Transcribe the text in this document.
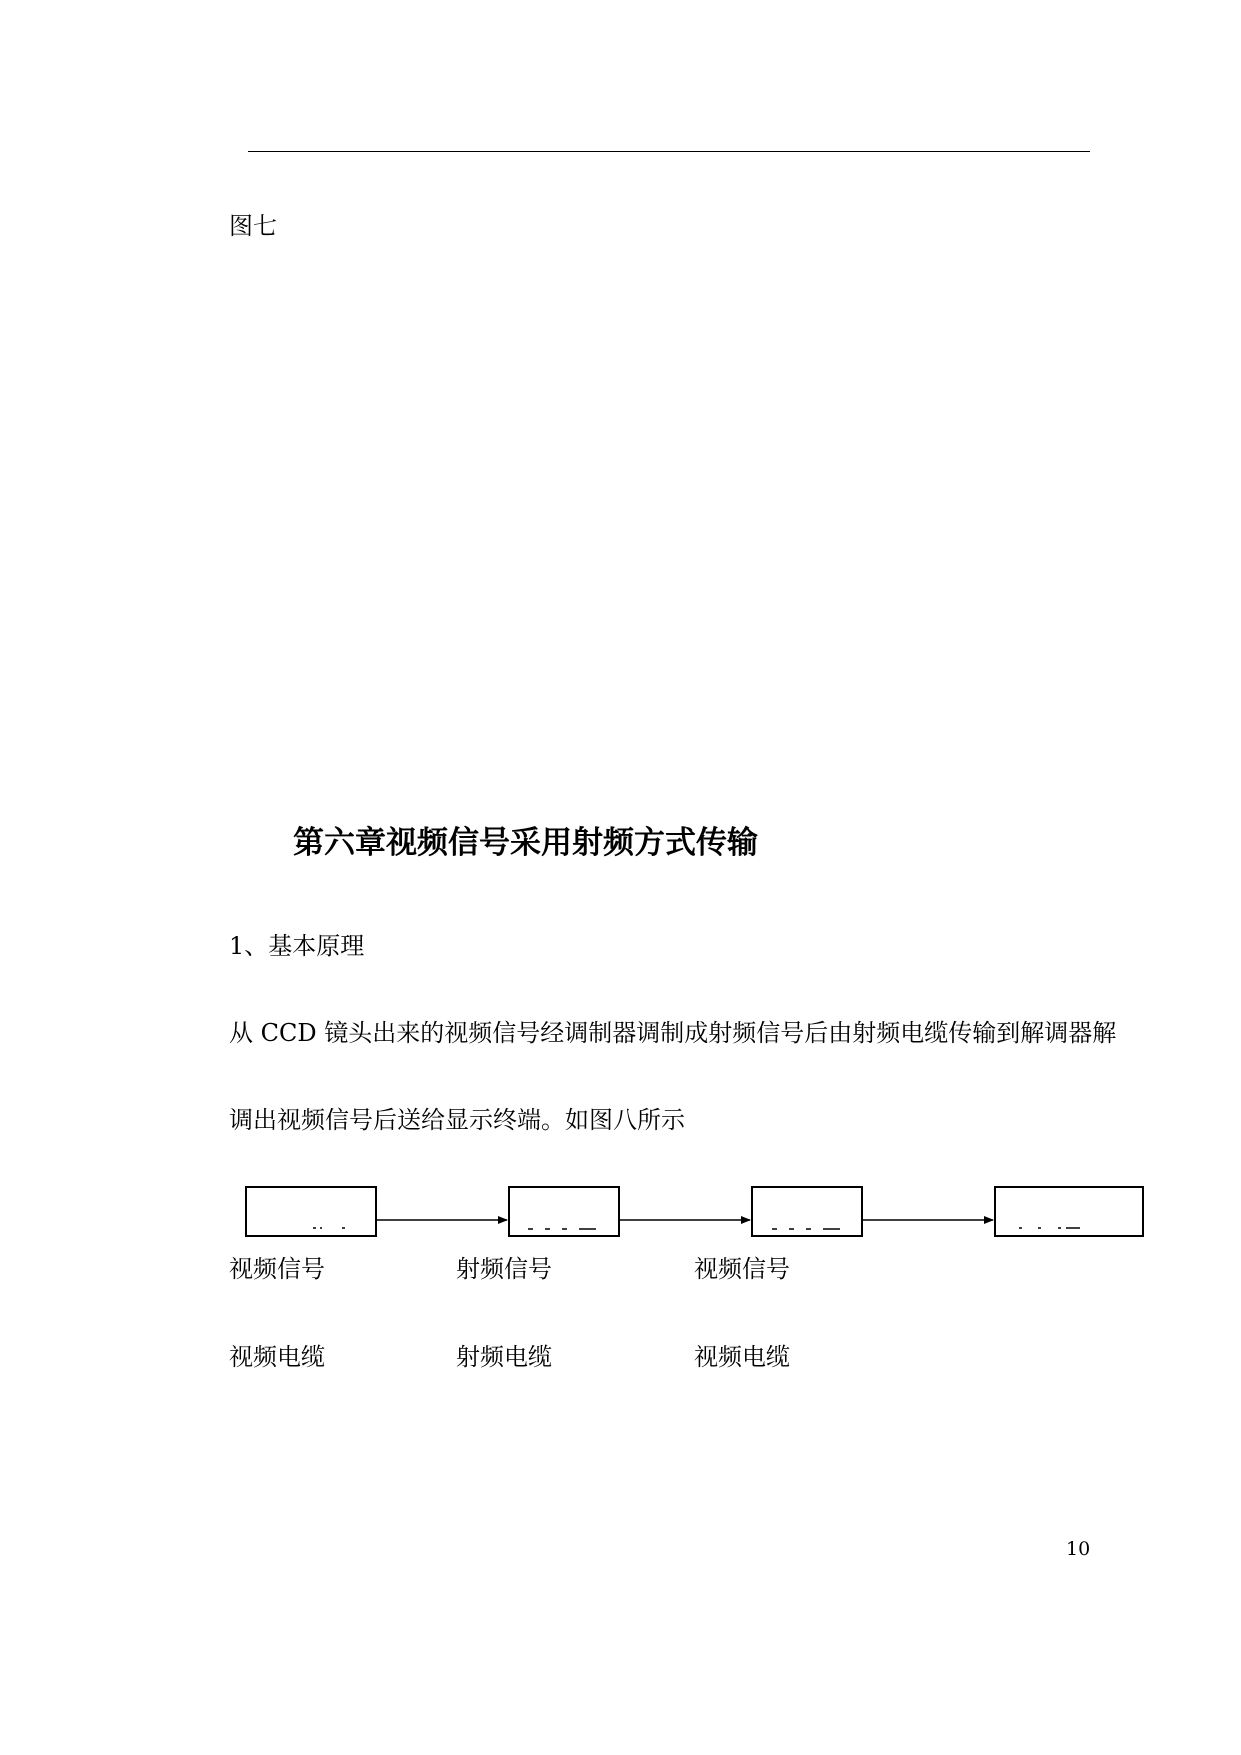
图七
第六章视频信号采用射频方式传输
1、基本原理
从 CCD 镜头出来的视频信号经调制器调制成射频信号后由射频电缆传输到解调器解
调出视频信号后送给显示终端。如图八所示
视频信号	射频信号	视频信号
视频电缆	射频电缆	视频电缆
10
